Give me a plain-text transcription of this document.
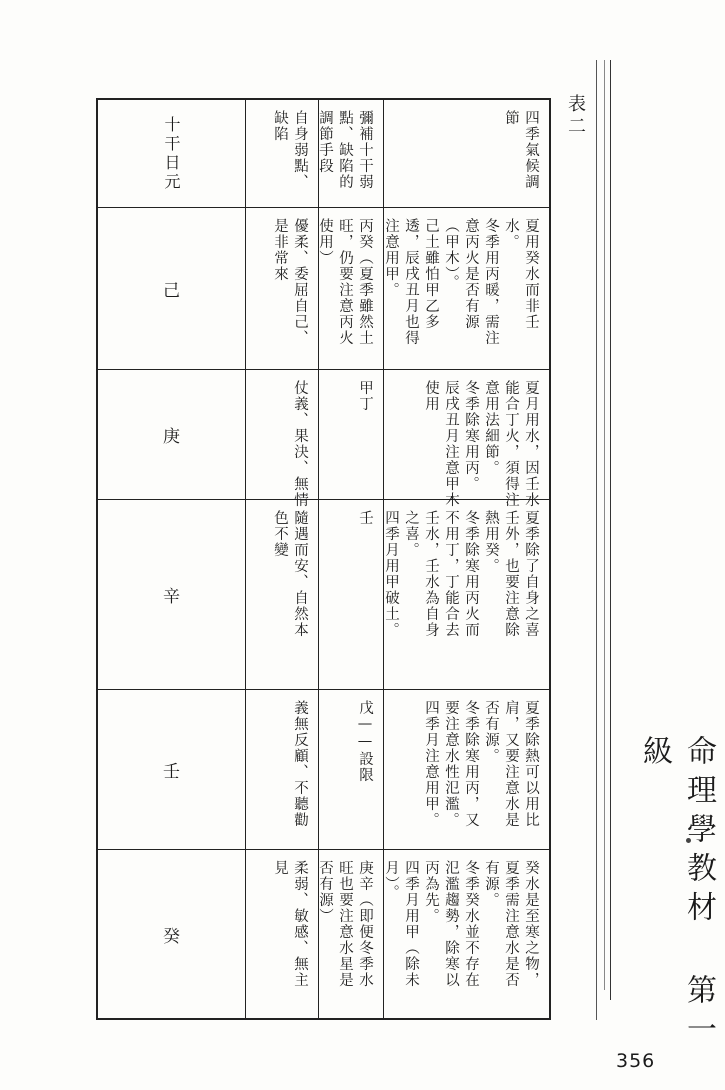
表二
四季氣候調
節
夏用癸水而非壬
水。
冬季用丙暖，需注
意丙火是否有源
（甲木）。
己土雖怕甲乙多
透，辰戌丑月也得
注意用甲。
夏月用水，因壬水
能合丁火，須得注
意用法細節。
冬季除寒用丙。
辰戌丑月注意甲木
使用
夏季除了自身之喜
壬外，也要注意除
熱用癸。
冬季除寒用丙火而
不用丁，丁能合去
壬水，壬水為自身
之喜。
四季月用甲破土。
夏季除熱可以用比
肩，又要注意水是
否有源。
冬季除寒用丙，又
要注意水性氾濫。
四季月注意用甲。
癸水是至寒之物，
夏季需注意水是否
有源。
冬季癸水並不存在
氾濫趨勢，除寒以
丙為先。
四季月用甲（除未
月）。
彌補十干弱
點、缺陷的
調節手段
丙癸（夏季雖然土
旺，仍要注意丙火
使用）
甲丁
壬
戊——設限
庚辛（即便冬季水
旺也要注意水星是
否有源）
自身弱點、
缺陷
優柔、委屈自己、
是非常來
仗義、果決、無情
隨遇而安、自然本
色不變
義無反顧、不聽勸
柔弱、敏感、無主
見
十干日元
己
庚
辛
壬
癸	命理學教材 第一級
356
